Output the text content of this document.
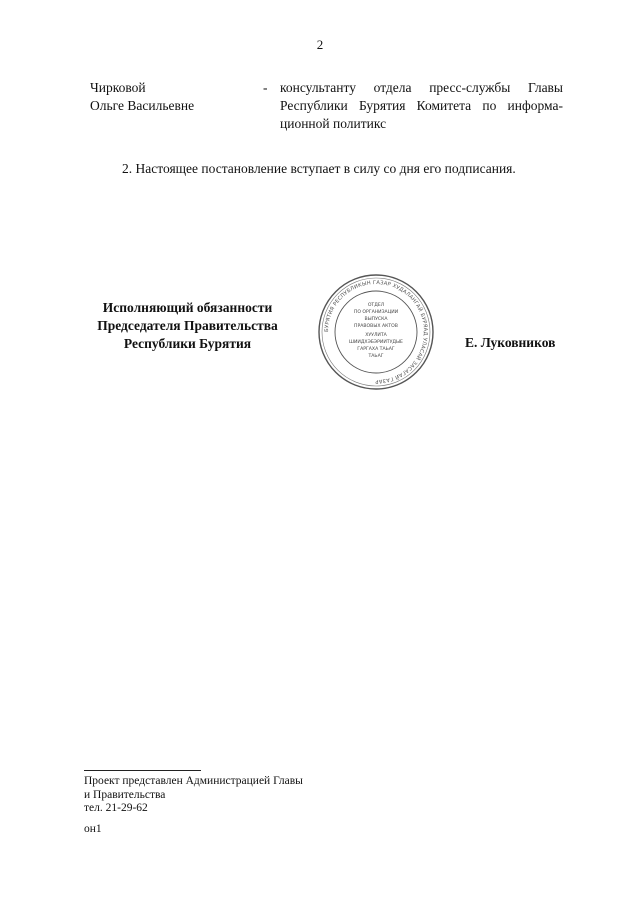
2
Чирковой
Ольге Васильевне
- консультанту отдела пресс-службы Главы Республики Бурятия Комитета по информа-ционной политикс
2. Настоящее постановление вступает в силу со дня его подписания.
Исполняющий обязанности
Председателя Правительства
Республики Бурятия
БУРЯТИЯ РЕСПУБЛИКЫН ГАЗАР ХУДАЛАНГАЙ БУРЯАД УЛАСАЙ ЗАСАГАЙ ГАЗАР
ОТДЕЛ
ПО ОРГАНИЗАЦИИ
ВЫПУСКА
ПРАВОВЫХ АКТОВ
ХУУЛИТА
ШИИДХЭБЭРИИТУДЫЕ
ГАРГАХА ТАЬАГ
ТАЬАГ
Е. Луковников
Проект представлен Администрацией Главы
и Правительства
тел. 21-29-62
он1
